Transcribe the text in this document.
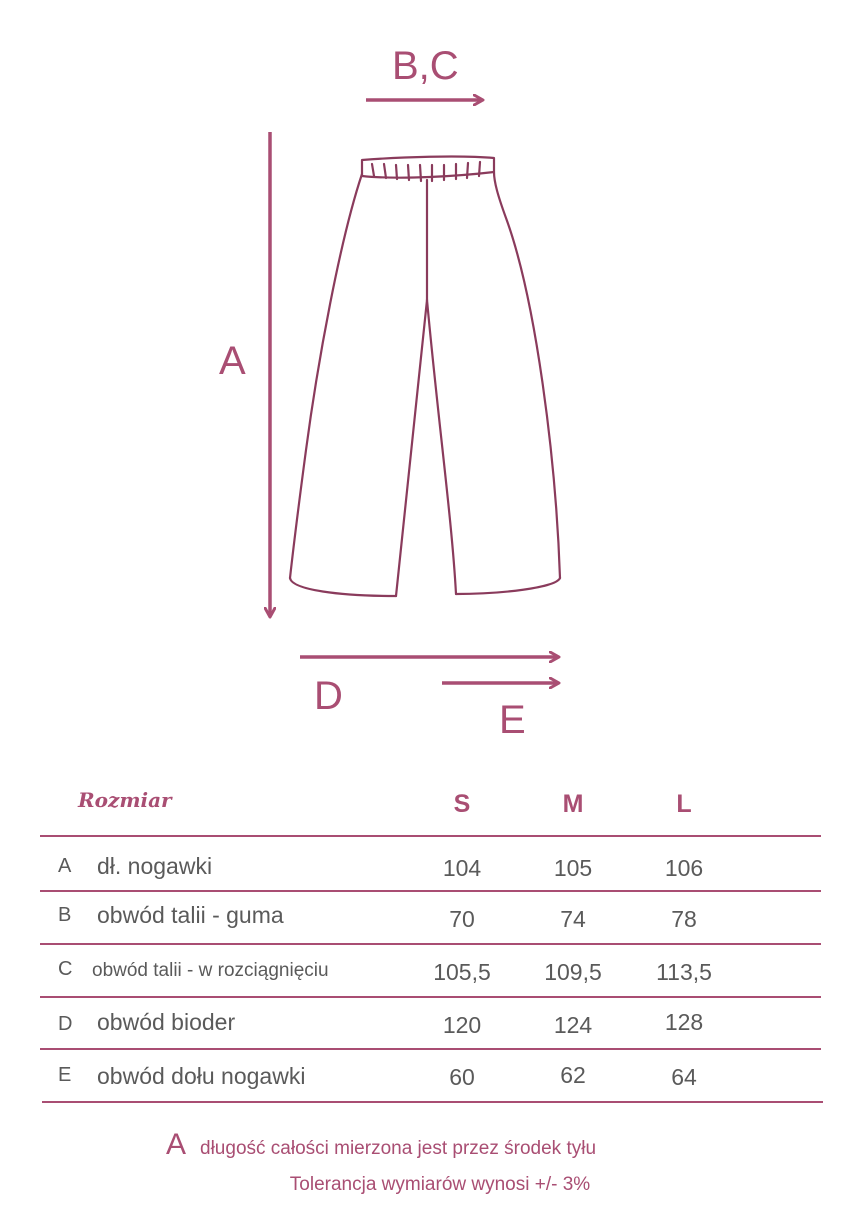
B,C
A
D
E
Rozmiar	S	M	L
A	dł. nogawki	104	105	106
B	obwód talii - guma	70	74	78
C	obwód talii - w rozciągnięciu	105,5	109,5	113,5
D	obwód bioder	120	124	128
E	obwód dołu nogawki	60	62	64
A długość całości mierzona jest przez środek tyłu
Tolerancja wymiarów wynosi +/- 3%
